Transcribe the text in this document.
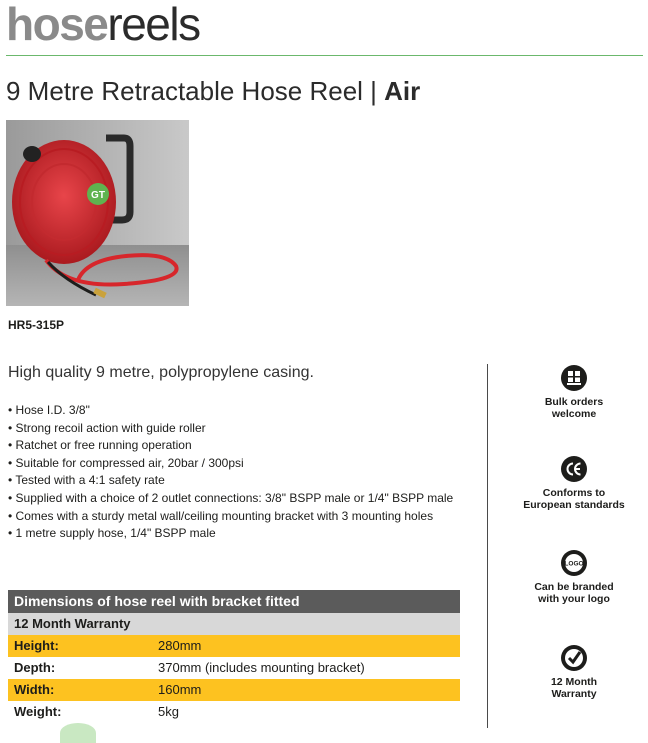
hosereels
9 Metre Retractable Hose Reel | Air
GT
HR5-315P
High quality 9 metre, polypropylene casing.
• Hose I.D. 3/8"
• Strong recoil action with guide roller
• Ratchet or free running operation
• Suitable for compressed air, 20bar / 300psi
• Tested with a 4:1 safety rate
• Supplied with a choice of 2 outlet connections: 3/8" BSPP male or 1/4" BSPP male
• Comes with a sturdy metal wall/ceiling mounting bracket with 3 mounting holes
• 1 metre supply hose, 1/4" BSPP male
Bulk orders
welcome
Conforms to
European standards
LOGO
Can be branded
with your logo
12 Month
Warranty
Dimensions of hose reel with bracket fitted
12 Month Warranty
Height:	280mm
Depth:	370mm (includes mounting bracket)
Width:	160mm
Weight:	5kg
